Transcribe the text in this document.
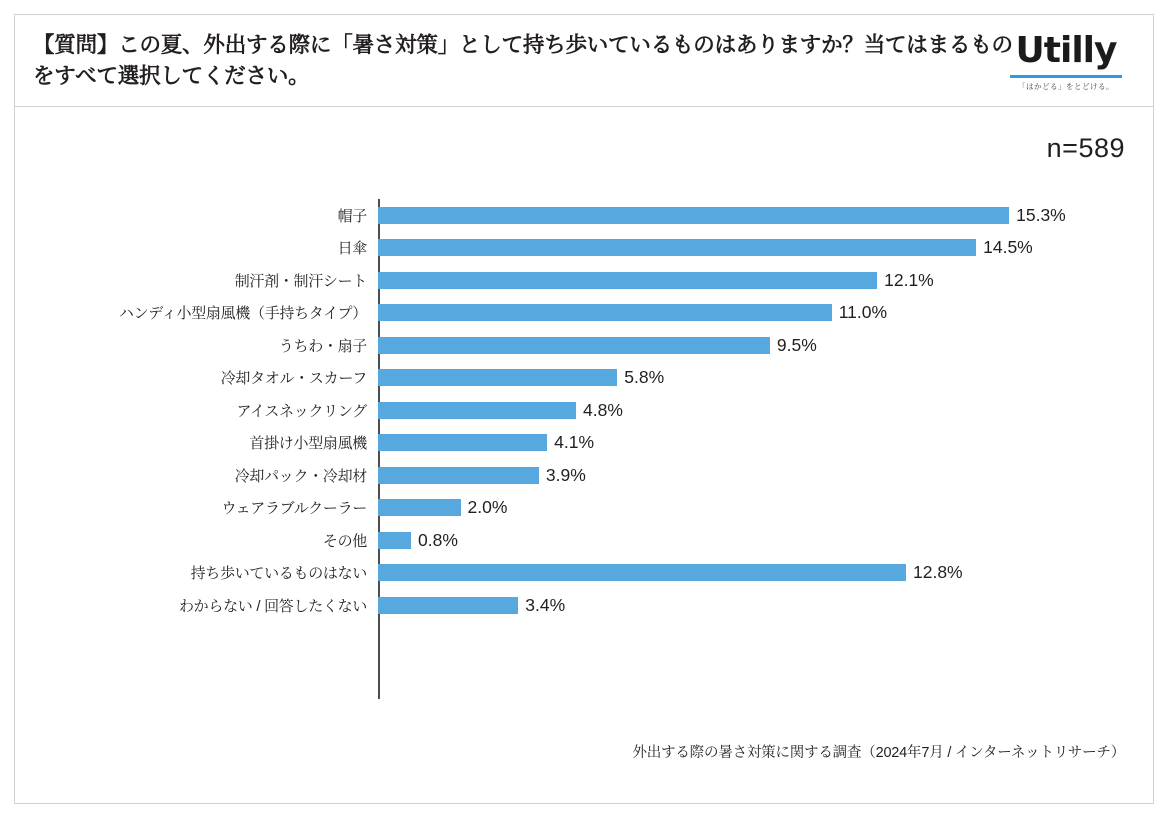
【質問】この夏、外出する際に「暑さ対策」として持ち歩いているものはありますか？当てはまるものをすべて選択してください。
Utilly
「はかどる」をとどける。
n=589
帽子	15.3%
日傘	14.5%
制汗剤・制汗シート	12.1%
ハンディ小型扇風機（手持ちタイプ）	11.0%
うちわ・扇子	9.5%
冷却タオル・スカーフ	5.8%
アイスネックリング	4.8%
首掛け小型扇風機	4.1%
冷却パック・冷却材	3.9%
ウェアラブルクーラー	2.0%
その他	0.8%
持ち歩いているものはない	12.8%
わからない / 回答したくない	3.4%
外出する際の暑さ対策に関する調査（2024年7月 / インターネットリサーチ）
